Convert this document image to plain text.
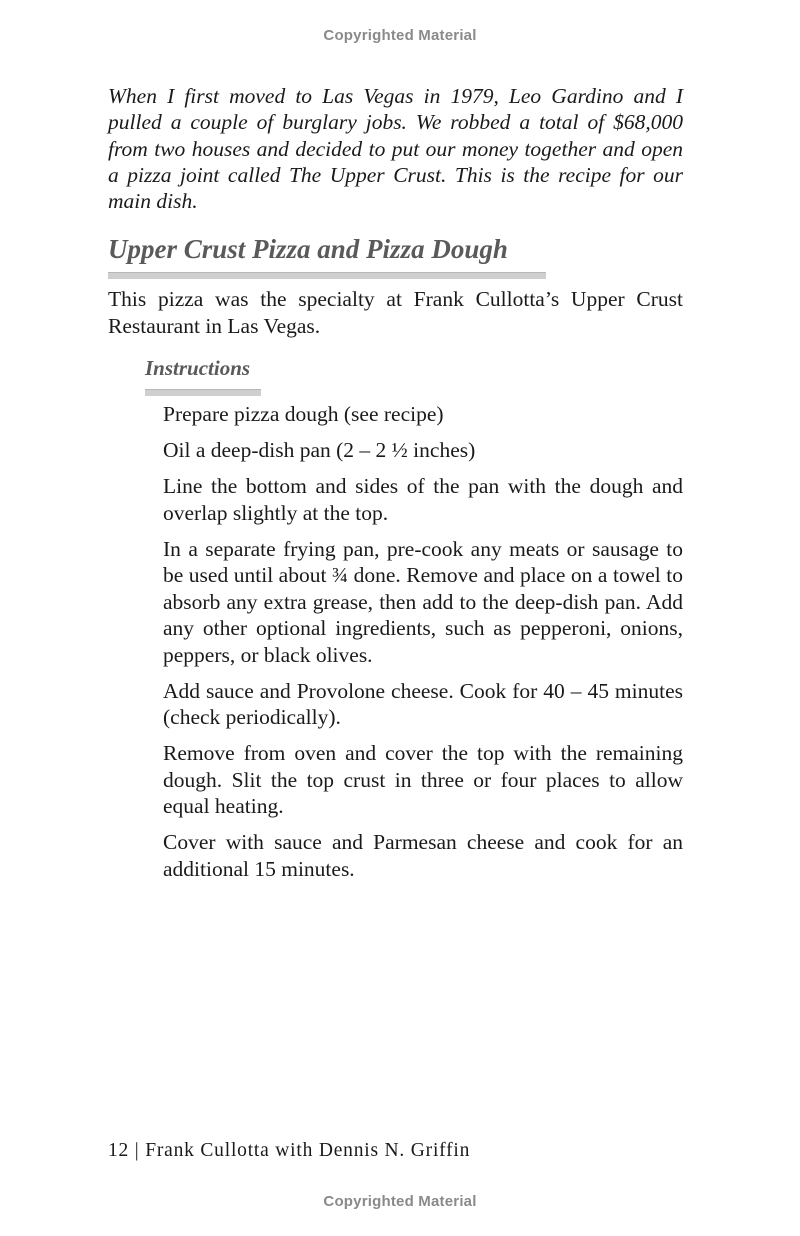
Copyrighted Material

When I first moved to Las Vegas in 1979, Leo Gardino and I pulled a couple of burglary jobs. We robbed a total of $68,000 from two houses and decided to put our money together and open a pizza joint called The Upper Crust. This is the recipe for our main dish.

Upper Crust Pizza and Pizza Dough

This pizza was the specialty at Frank Cullotta’s Upper Crust Restaurant in Las Vegas.

Instructions
Prepare pizza dough (see recipe)
Oil a deep-dish pan (2 – 2 ½ inches)
Line the bottom and sides of the pan with the dough and overlap slightly at the top.
In a separate frying pan, pre-cook any meats or sausage to be used until about ¾ done. Remove and place on a towel to absorb any extra grease, then add to the deep-dish pan. Add any other optional ingredients, such as pepperoni, onions, peppers, or black olives.
Add sauce and Provolone cheese. Cook for 40 – 45 minutes (check periodically).
Remove from oven and cover the top with the remaining dough. Slit the top crust in three or four places to allow equal heating.
Cover with sauce and Parmesan cheese and cook for an additional 15 minutes.
12 | Frank Cullotta with Dennis N. Griffin
Copyrighted Material
